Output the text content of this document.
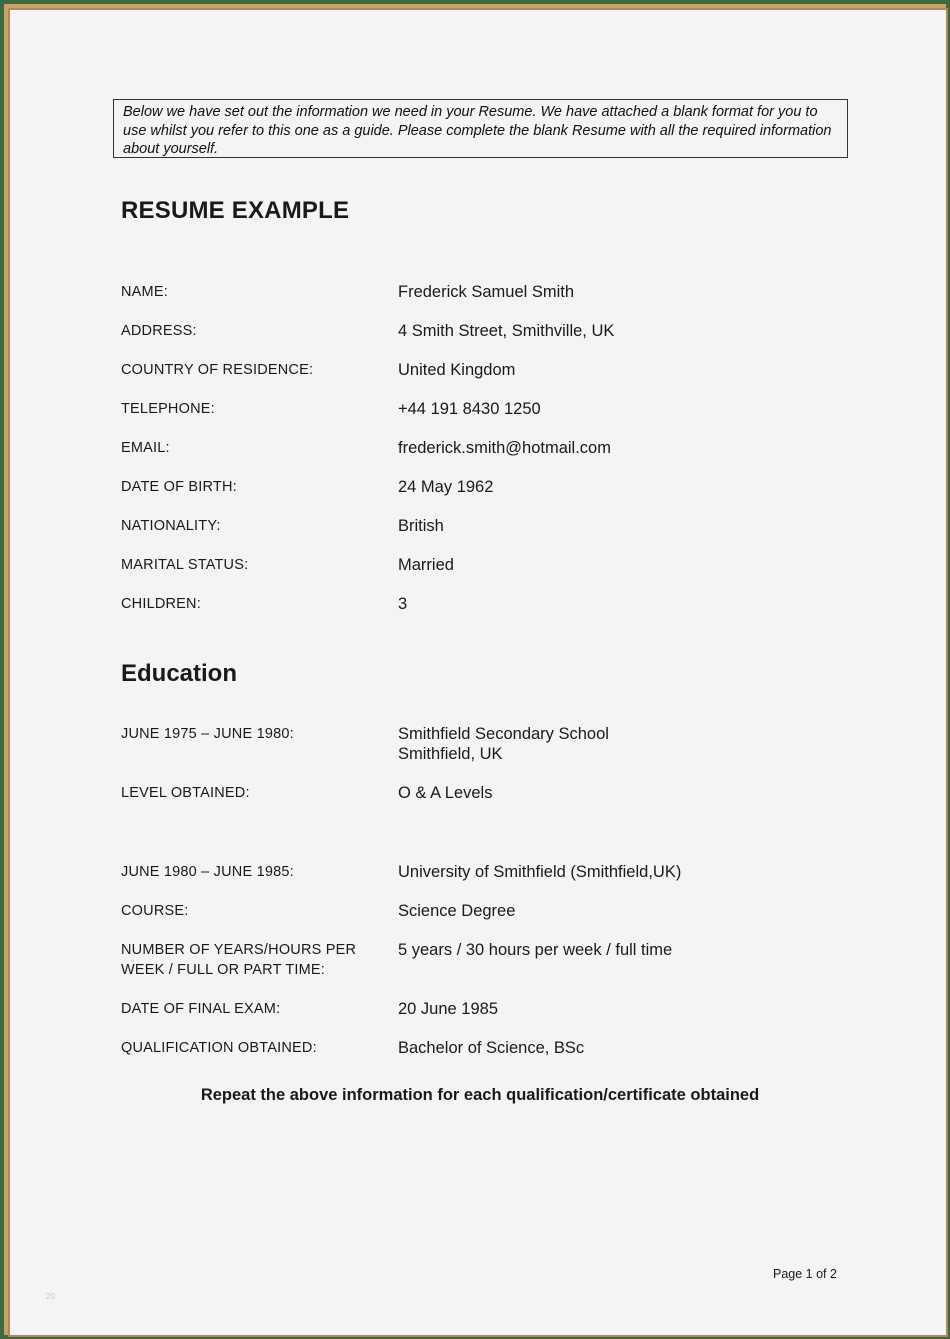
Below we have set out the information we need in your Resume. We have attached a blank format for you to use whilst you refer to this one as a guide. Please complete the blank Resume with all the required information about yourself.
RESUME EXAMPLE
NAME:	Frederick Samuel Smith
ADDRESS:	4 Smith Street, Smithville, UK
COUNTRY OF RESIDENCE:	United Kingdom
TELEPHONE:	+44 191 8430 1250
EMAIL:	frederick.smith@hotmail.com
DATE OF BIRTH:	24 May 1962
NATIONALITY:	British
MARITAL STATUS:	Married
CHILDREN:	3
Education
JUNE 1975 – JUNE 1980:	Smithfield Secondary School
Smithfield, UK
LEVEL OBTAINED:	O & A Levels
JUNE 1980 – JUNE 1985:	University of Smithfield (Smithfield,UK)
COURSE:	Science Degree
NUMBER OF YEARS/HOURS PER WEEK / FULL OR PART TIME:
5 years / 30 hours per week / full time
DATE OF FINAL EXAM:	20 June 1985
QUALIFICATION OBTAINED:	Bachelor of Science, BSc

Repeat the above information for each qualification/certificate obtained

Page 1 of 2
20
